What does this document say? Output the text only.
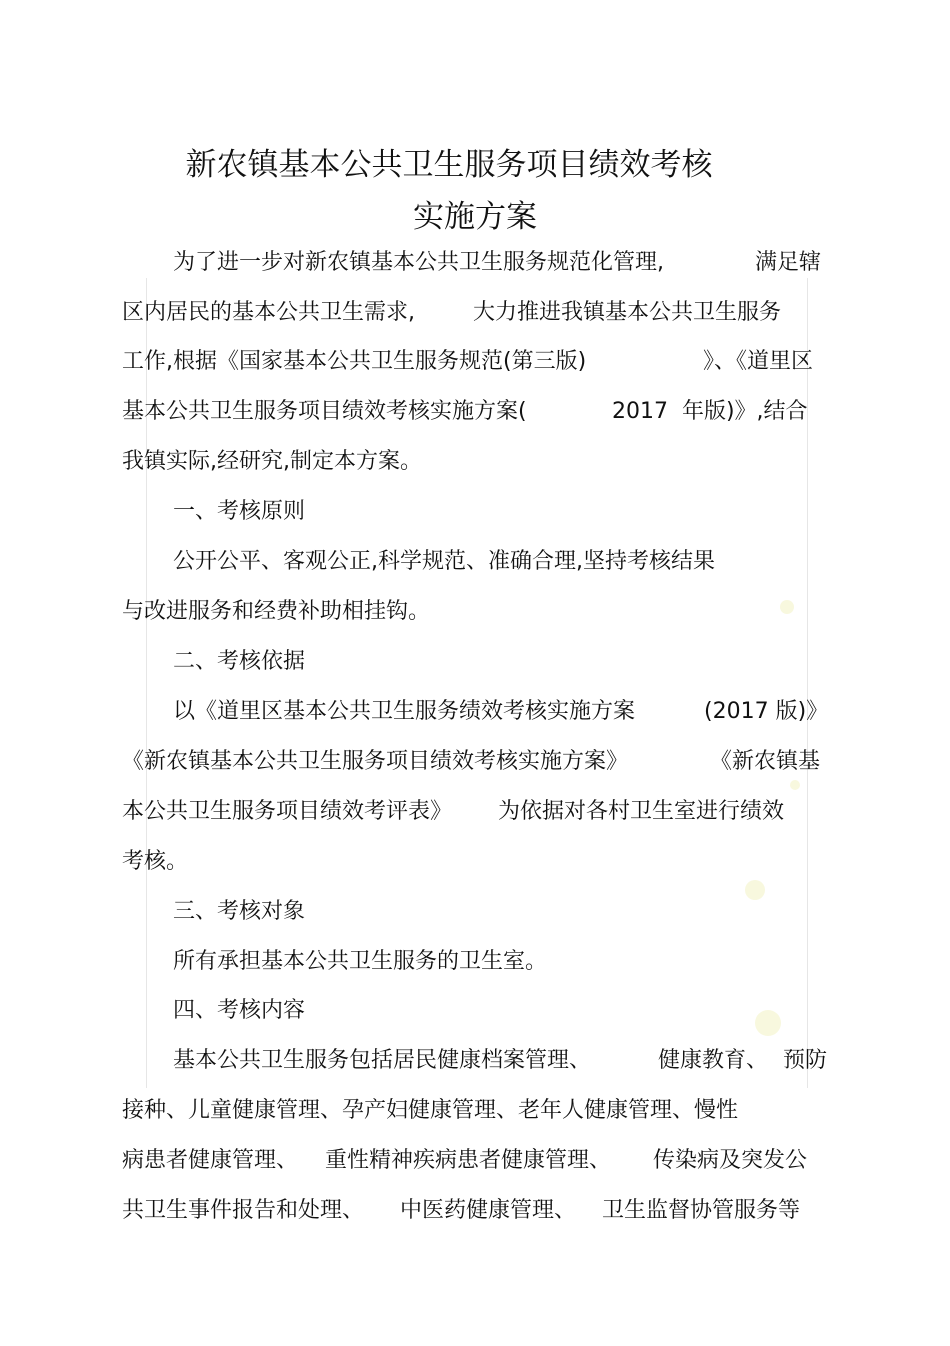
新农镇基本公共卫生服务项目绩效考核
实施方案

为了进一步对新农镇基本公共卫生服务规范化管理,

	满足辖

区内居民的基本公共卫生需求,

	大力推进我镇基本公共卫生服务

工作,根据《国家基本公共卫生服务规范(第三版)

	》、《道里区

基本公共卫生服务项目绩效考核实施方案(

	2017  年版)》,结合

我镇实际,经研究,制定本方案。

一、考核原则

公开公平、客观公正,科学规范、准确合理,坚持考核结果

与改进服务和经费补助相挂钩。

二、考核依据

以《道里区基本公共卫生服务绩效考核实施方案

	(2017 版)》

《新农镇基本公共卫生服务项目绩效考核实施方案》

	《新农镇基

本公共卫生服务项目绩效考评表》

为依据对各村卫生室进行绩效

考核。

三、考核对象

所有承担基本公共卫生服务的卫生室。

四、考核内容

基本公共卫生服务包括居民健康档案管理、

	健康教育、

预防

接种、儿童健康管理、孕产妇健康管理、老年人健康管理、慢性

病患者健康管理、

重性精神疾病患者健康管理、

传染病及突发公

共卫生事件报告和处理、

中医药健康管理、

卫生监督协管服务等
